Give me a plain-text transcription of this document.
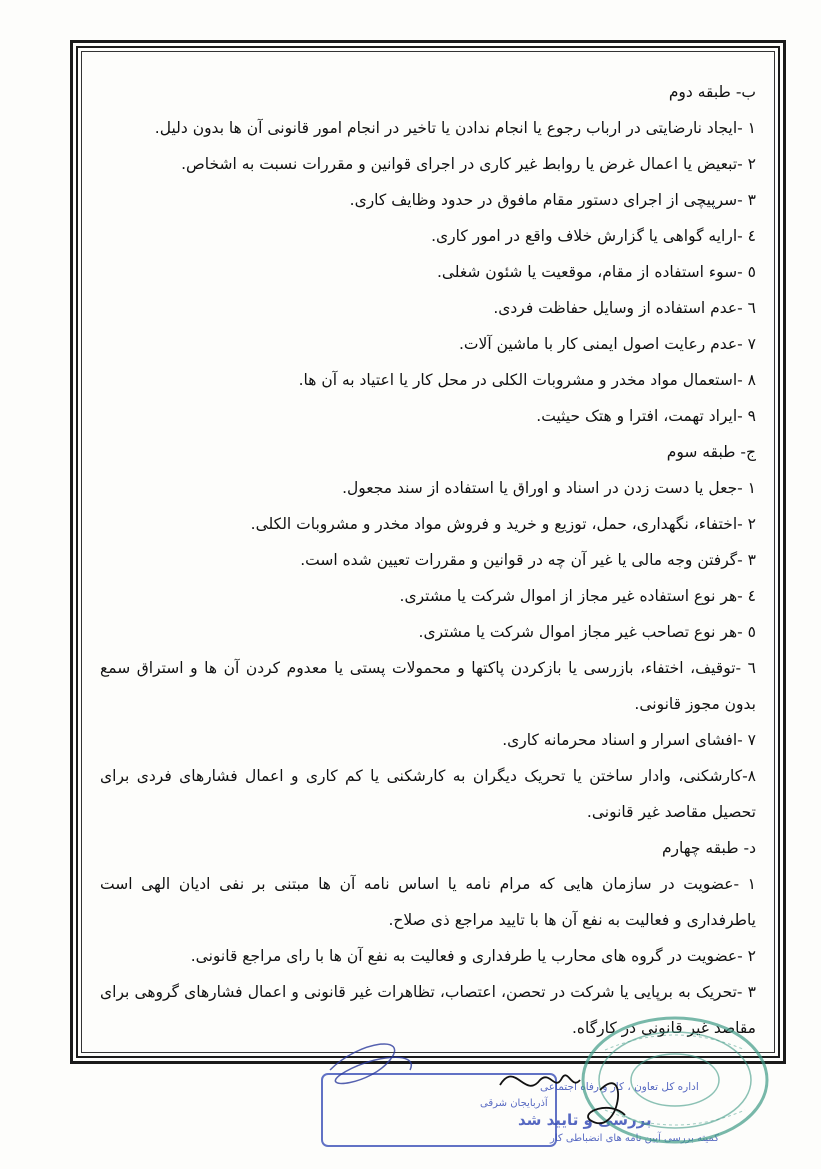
ب- طبقه دوم
۱ -ایجاد نارضایتی در ارباب رجوع یا انجام ندادن یا تاخیر در انجام امور قانونی آن ها بدون دلیل.
۲ -تبعیض یا اعمال غرض یا روابط غیر کاری در اجرای قوانین و مقررات نسبت به اشخاص.
۳ -سرپیچی از اجرای دستور مقام مافوق در حدود وظایف کاری.
٤ -ارایه گواهی یا گزارش خلاف واقع در امور کاری.
٥ -سوء استفاده از مقام، موقعیت یا شئون شغلی.
٦ -عدم استفاده از وسایل حفاظت فردی.
۷ -عدم رعایت اصول ایمنی کار با ماشین آلات.
۸ -استعمال مواد مخدر و مشروبات الکلی در محل کار یا اعتیاد به آن ها.
۹ -ایراد تهمت، افترا و هتک حیثیت.
ج- طبقه سوم
۱ -جعل یا دست زدن در اسناد و اوراق یا استفاده از سند مجعول.
۲ -اختفاء، نگهداری، حمل، توزیع و خرید و فروش مواد مخدر و مشروبات الکلی.
۳ -گرفتن وجه مالی یا غیر آن چه در قوانین و مقررات تعیین شده است.
٤ -هر نوع استفاده غیر مجاز از اموال شرکت یا مشتری.
٥ -هر نوع تصاحب غیر مجاز اموال شرکت یا مشتری.
٦ -توقیف، اختفاء، بازرسی یا بازکردن پاکتها و محمولات پستی یا معدوم کردن آن ها و استراق سمع بدون مجوز قانونی.
۷ -افشای اسرار و اسناد محرمانه کاری.
۸-کارشکنی، وادار ساختن یا تحریک دیگران به کارشکنی یا کم کاری و اعمال فشارهای فردی برای تحصیل مقاصد غیر قانونی.
د- طبقه چهارم
۱ -عضویت در سازمان هایی که مرام نامه یا اساس نامه آن ها مبتنی بر نفی ادیان الهی است یاطرفداری و فعالیت به نفع آن ها با تایید مراجع ذی صلاح.
۲ -عضویت در گروه های محارب یا طرفداری و فعالیت به نفع آن ها با رای مراجع قانونی.
۳ -تحریک به برپایی یا شرکت در تحصن، اعتصاب، تظاهرات غیر قانونی و اعمال فشارهای گروهی برای مقاصد غیر قانونی در کارگاه.
اداره کل تعاون ، کار و رفاه اجتماعی
آذربایجان شرقی
بررسی و تایید شد
کمیته بررسی آیین نامه های انضباطی کار
